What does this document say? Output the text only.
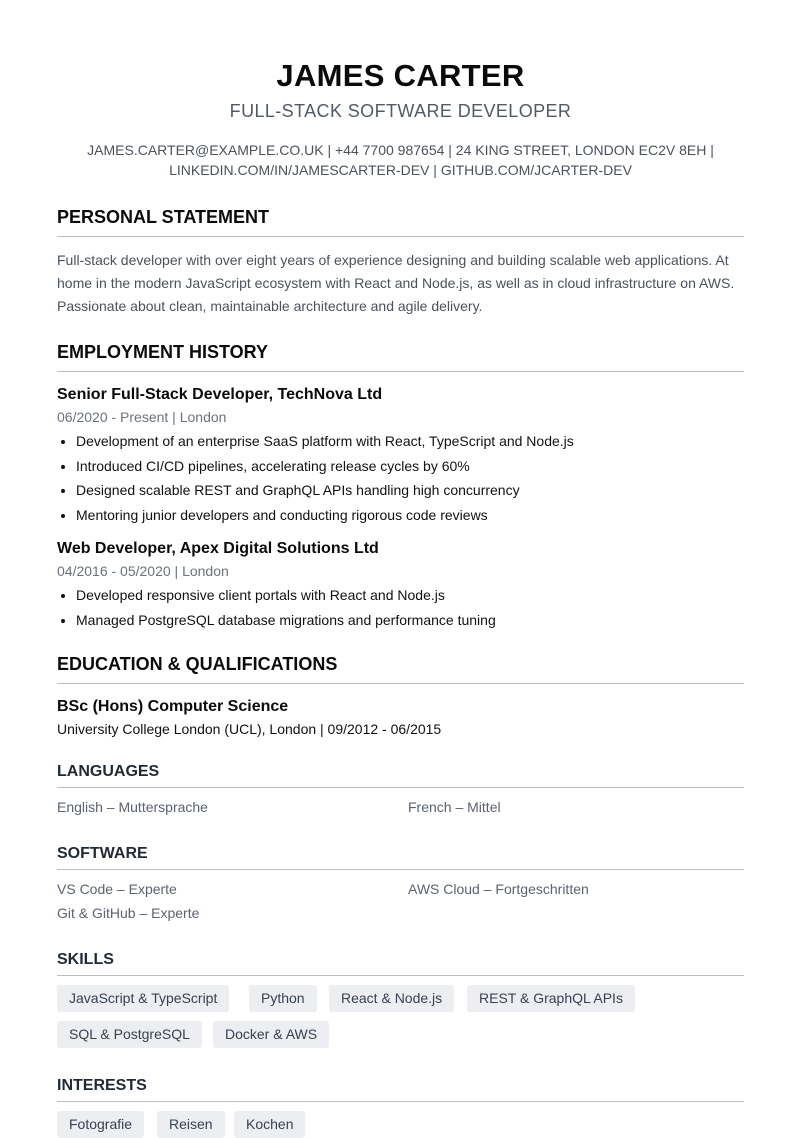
JAMES CARTER
FULL-STACK SOFTWARE DEVELOPER
JAMES.CARTER@EXAMPLE.CO.UK | +44 7700 987654 | 24 KING STREET, LONDON EC2V 8EH |
LINKEDIN.COM/IN/JAMESCARTER-DEV | GITHUB.COM/JCARTER-DEV
PERSONAL STATEMENT
Full-stack developer with over eight years of experience designing and building scalable web applications. At home in the modern JavaScript ecosystem with React and Node.js, as well as in cloud infrastructure on AWS. Passionate about clean, maintainable architecture and agile delivery.
EMPLOYMENT HISTORY
Senior Full-Stack Developer, TechNova Ltd
06/2020 - Present | London
• Development of an enterprise SaaS platform with React, TypeScript and Node.js
• Introduced CI/CD pipelines, accelerating release cycles by 60%
• Designed scalable REST and GraphQL APIs handling high concurrency
• Mentoring junior developers and conducting rigorous code reviews
Web Developer, Apex Digital Solutions Ltd
04/2016 - 05/2020 | London
• Developed responsive client portals with React and Node.js
• Managed PostgreSQL database migrations and performance tuning
EDUCATION & QUALIFICATIONS
BSc (Hons) Computer Science
University College London (UCL), London | 09/2012 - 06/2015
LANGUAGES
English – Muttersprache	French – Mittel
SOFTWARE
VS Code – Experte	AWS Cloud – Fortgeschritten
Git & GitHub – Experte
SKILLS
JavaScript & TypeScript	Python	React & Node.js	REST & GraphQL APIs
SQL & PostgreSQL	Docker & AWS
INTERESTS
Fotografie	Reisen	Kochen
